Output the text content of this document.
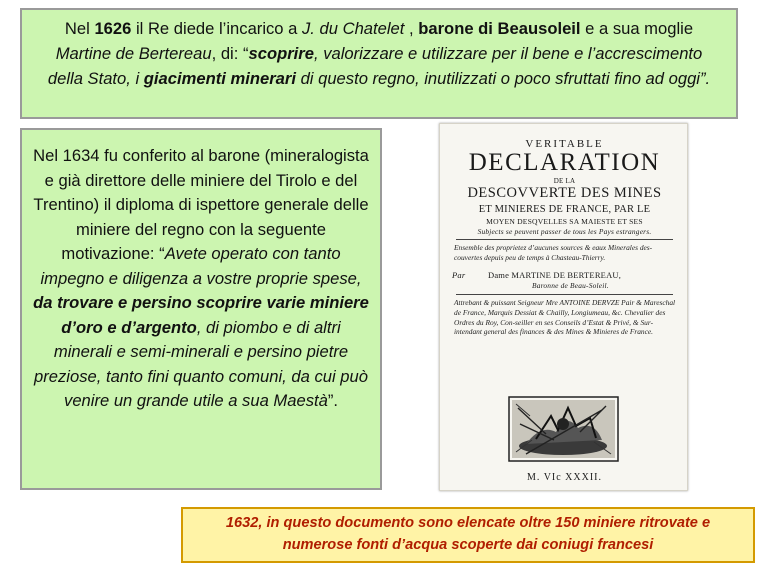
Nel 1626 il Re diede l’incarico a J. du Chatelet , barone di Beausoleil e a sua moglie Martine de Bertereau, di: “scoprire, valorizzare e utilizzare per il bene e l’accrescimento della Stato, i giacimenti minerari di questo regno, inutilizzati o poco sfruttati fino ad oggi”.
Nel 1634 fu conferito al barone (mineralogista e già direttore delle miniere del Tirolo e del Trentino) il diploma di ispettore generale delle miniere del regno con la seguente motivazione: “Avete operato con tanto impegno e diligenza a vostre proprie spese, da trovare e persino scoprire varie miniere d’oro e d’argento, di piombo e di altri minerali e semi-minerali e persino pietre preziose, tanto fini quanto comuni, da cui può venire un grande utile a sua Maestà”.
VERITABLE
DECLARATION
DE LA
DESCOVVERTE DES MINES
ET MINIERES DE FRANCE, PAR LE
MOYEN DESQVELLES SA MAIESTE ET SES
Subjects se peuvent passer de tous les Pays estrangers.
Ensemble des proprietez d’aucunes sources & eaux Minerales des-couvertes depuis peu de temps à Chasteau-Thierry.
Par	Dame MARTINE DE BERTEREAU,
Baronne de Beau-Soleil.
Attrebant & puissant Seigneur Mre ANTOINE DERVZE Pair & Mareschal de France, Marquis Dessiat & Chailly, Longiumeau, &c. Chevalier des Ordres du Roy, Con-seiller en ses Conseils d’Estat & Privé, & Sur-intendant general des finances & des Mines & Minieres de France.
M. VIc XXXII.
1632, in questo documento sono elencate oltre 150 miniere ritrovate e numerose fonti d’acqua scoperte dai coniugi francesi
